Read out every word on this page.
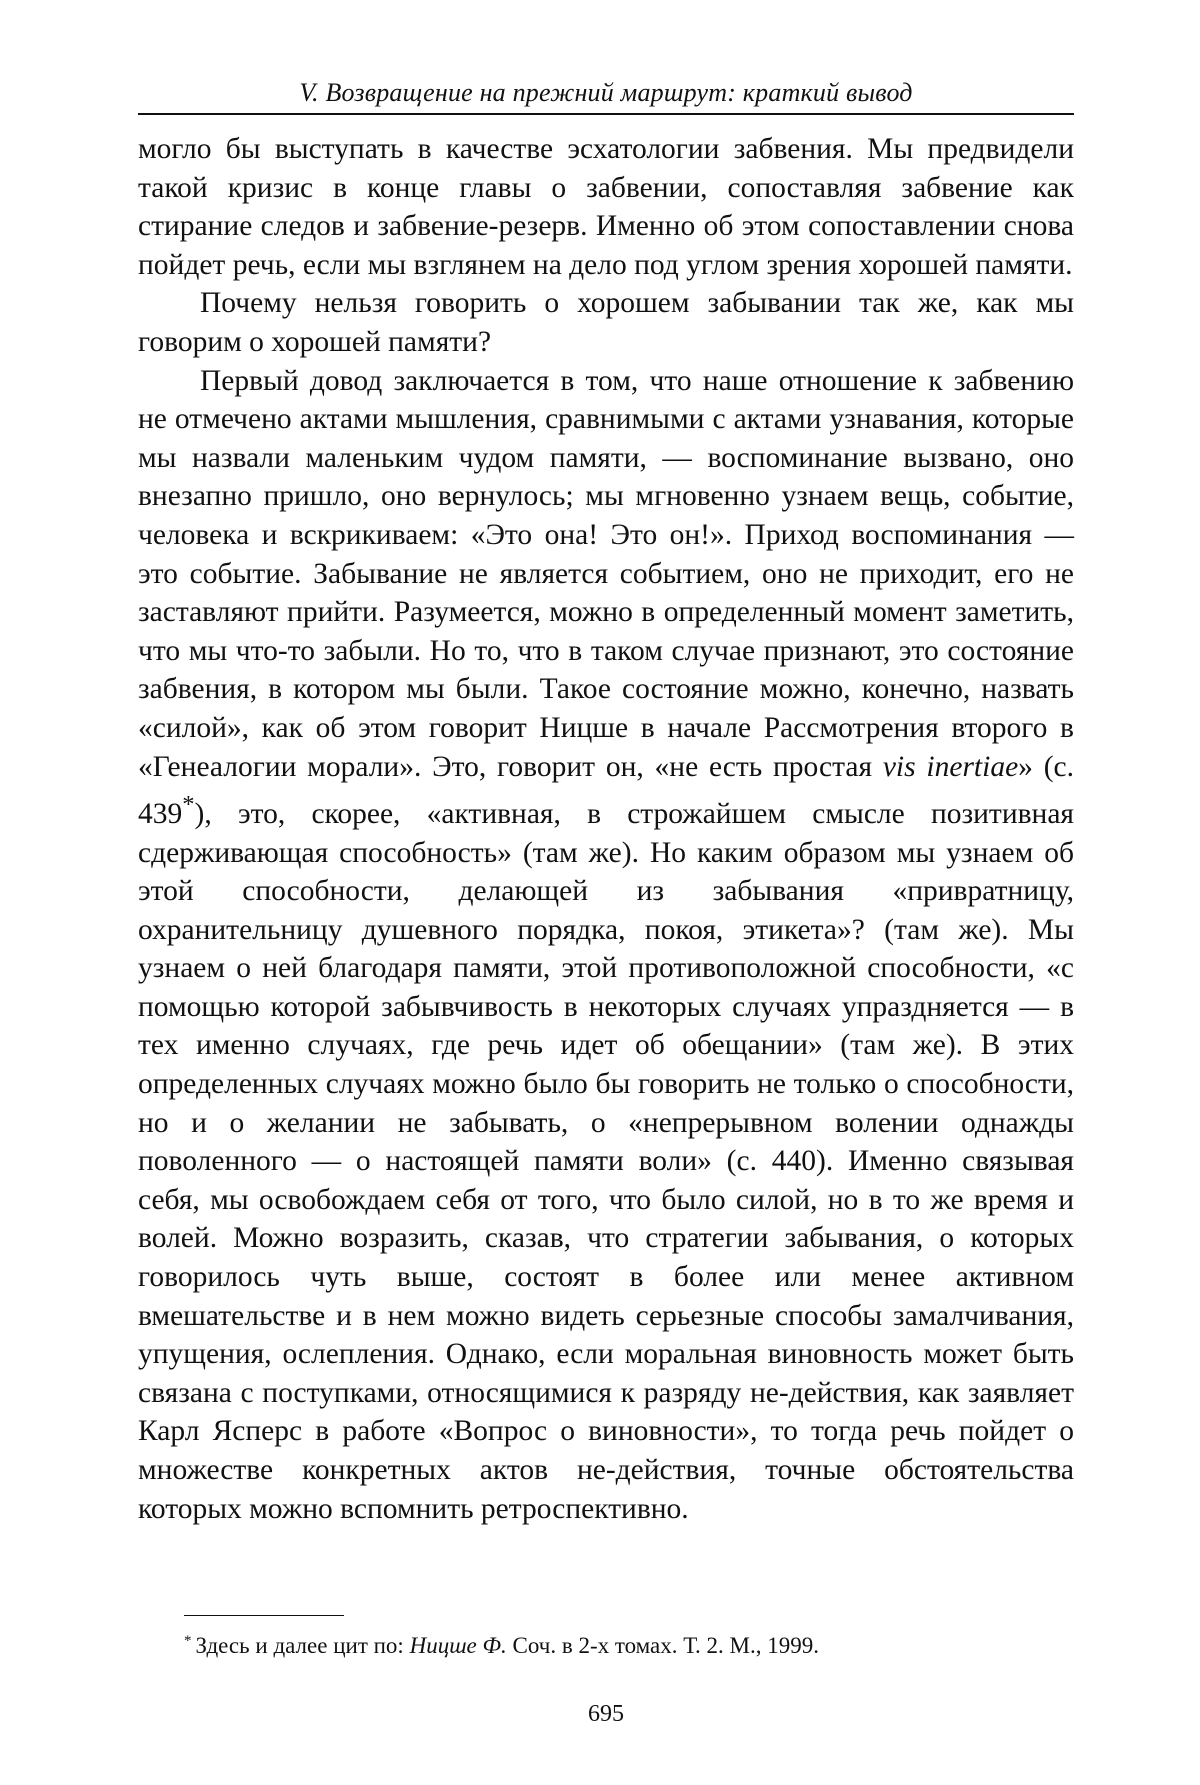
V. Возвращение на прежний маршрут: краткий вывод

могло бы выступать в качестве эсхатологии забвения. Мы предвидели такой кризис в конце главы о забвении, сопоставляя забвение как стирание следов и забвение-резерв. Именно об этом сопоставлении снова пойдет речь, если мы взглянем на дело под углом зрения хорошей памяти.

Почему нельзя говорить о хорошем забывании так же, как мы говорим о хорошей памяти?

Первый довод заключается в том, что наше отношение к забвению не отмечено актами мышления, сравнимыми с актами узнавания, которые мы назвали маленьким чудом памяти, — воспоминание вызвано, оно внезапно пришло, оно вернулось; мы мгновенно узнаем вещь, событие, человека и вскрикиваем: «Это она! Это он!». Приход воспоминания — это событие. Забывание не является событием, оно не приходит, его не заставляют прийти. Разумеется, можно в определенный момент заметить, что мы что-то забыли. Но то, что в таком случае признают, это состояние забвения, в котором мы были. Такое состояние можно, конечно, назвать «силой», как об этом говорит Ницше в начале Рассмотрения второго в «Генеалогии морали». Это, говорит он, «не есть простая vis inertiae» (с. 439*), это, скорее, «активная, в строжайшем смысле позитивная сдерживающая способность» (там же). Но каким образом мы узнаем об этой способности, делающей из забывания «привратницу, охранительницу душевного порядка, покоя, этикета»? (там же). Мы узнаем о ней благодаря памяти, этой противоположной способности, «с помощью которой забывчивость в некоторых случаях упраздняется — в тех именно случаях, где речь идет об обещании» (там же). В этих определенных случаях можно было бы говорить не только о способности, но и о желании не забывать, о «непрерывном волении однажды поволенного — о настоящей памяти воли» (с. 440). Именно связывая себя, мы освобождаем себя от того, что было силой, но в то же время и волей. Можно возразить, сказав, что стратегии забывания, о которых говорилось чуть выше, состоят в более или менее активном вмешательстве и в нем можно видеть серьезные способы замалчивания, упущения, ослепления. Однако, если моральная виновность может быть связана с поступками, относящимися к разряду не-действия, как заявляет Карл Ясперс в работе «Вопрос о виновности», то тогда речь пойдет о множестве конкретных актов не-действия, точные обстоятельства которых можно вспомнить ретроспективно.

* Здесь и далее цит по: Ницше Ф. Соч. в 2-х томах. Т. 2. М., 1999.
695
